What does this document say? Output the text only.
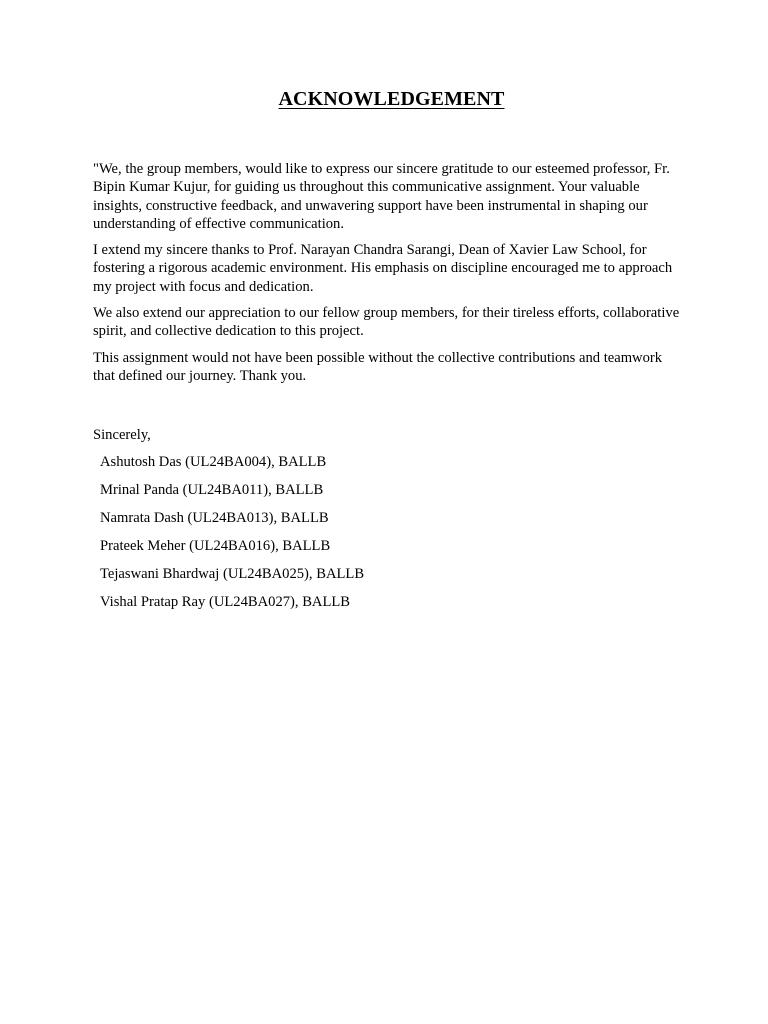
ACKNOWLEDGEMENT

"We, the group members, would like to express our sincere gratitude to our esteemed professor, Fr. Bipin Kumar Kujur, for guiding us throughout this communicative assignment. Your valuable insights, constructive feedback, and unwavering support have been instrumental in shaping our understanding of effective communication.

I extend my sincere thanks to Prof. Narayan Chandra Sarangi, Dean of Xavier Law School, for fostering a rigorous academic environment. His emphasis on discipline encouraged me to approach my project with focus and dedication.

We also extend our appreciation to our fellow group members, for their tireless efforts, collaborative spirit, and collective dedication to this project.

This assignment would not have been possible without the collective contributions and teamwork that defined our journey. Thank you.

Sincerely,

Ashutosh Das (UL24BA004), BALLB
Mrinal Panda (UL24BA011), BALLB
Namrata Dash (UL24BA013), BALLB
Prateek Meher (UL24BA016), BALLB
Tejaswani Bhardwaj (UL24BA025), BALLB
Vishal Pratap Ray (UL24BA027), BALLB
